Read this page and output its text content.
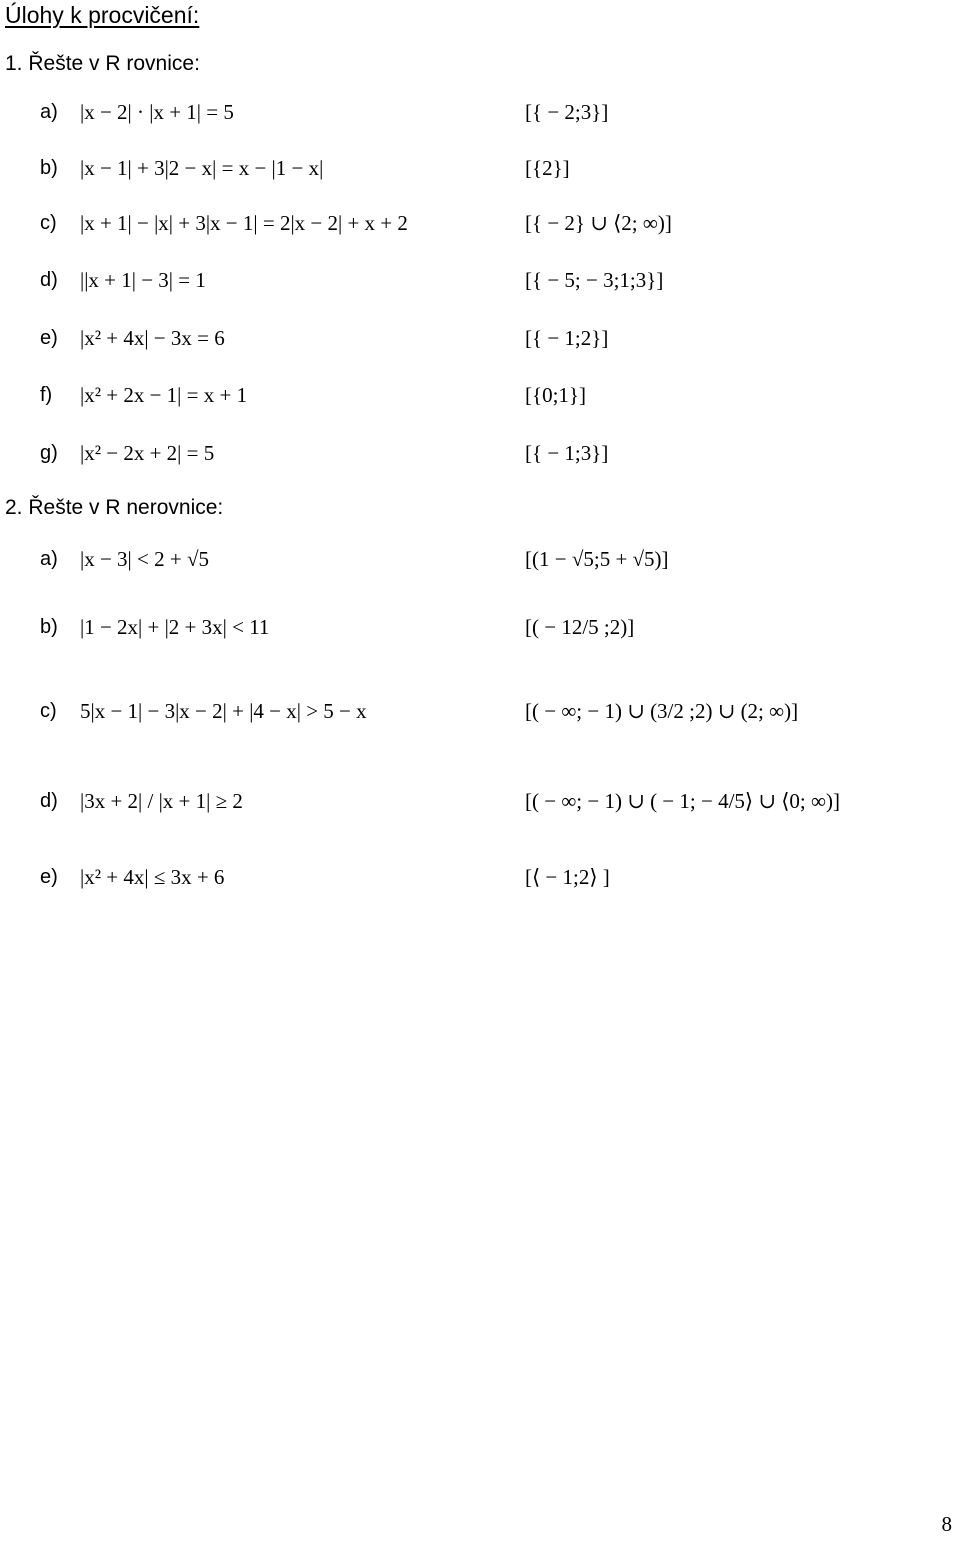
Úlohy k procvičení:
1. Řešte v R rovnice:
a) |x − 2| · |x + 1| = 5	[{ − 2;3}]
b) |x − 1| + 3|2 − x| = x − |1 − x|	[{2}]
c) |x + 1| − |x| + 3|x − 1| = 2|x − 2| + x + 2	[{ − 2} ∪ ⟨2; ∞)]
d) ||x + 1| − 3| = 1	[{ − 5; − 3;1;3}]
e) |x² + 4x| − 3x = 6	[{ − 1;2}]
f) |x² + 2x − 1| = x + 1	[{0;1}]
g) |x² − 2x + 2| = 5	[{ − 1;3}]
2. Řešte v R nerovnice:
a) |x − 3| < 2 + √5	[(1 − √5;5 + √5)]
b) |1 − 2x| + |2 + 3x| < 11	[( − 12/5 ;2)]
c) 5|x − 1| − 3|x − 2| + |4 − x| > 5 − x	[( − ∞; − 1) ∪ (3/2 ;2) ∪ (2; ∞)]
d) |3x + 2| / |x + 1| ≥ 2	[( − ∞; − 1) ∪ ( − 1; − 4/5⟩ ∪ ⟨0; ∞)]
e) |x² + 4x| ≤ 3x + 6	[⟨ − 1;2⟩ ]
8
